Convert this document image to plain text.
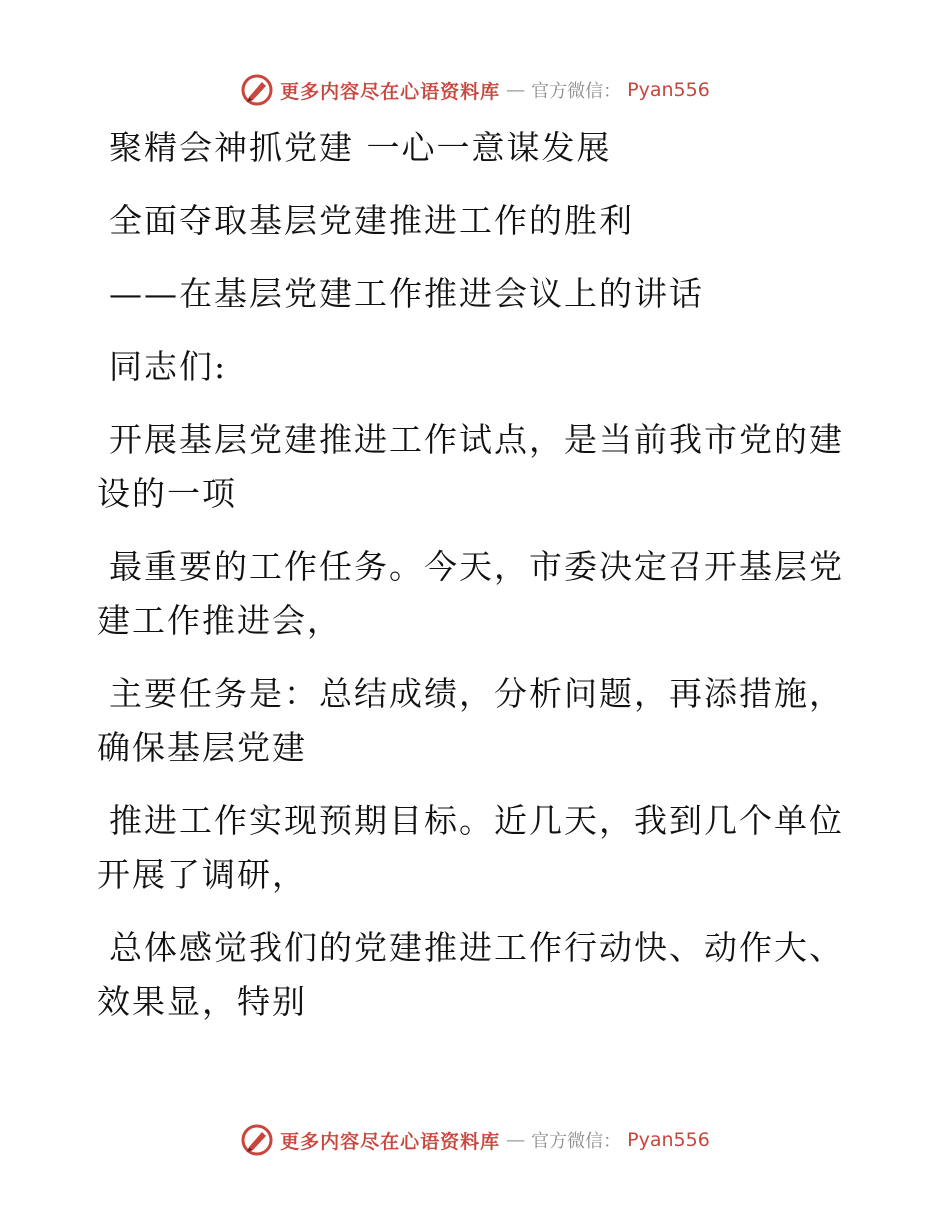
更多内容尽在心语资料库 — 官方微信： Pyan556

聚精会神抓党建 一心一意谋发展

全面夺取基层党建推进工作的胜利

——在基层党建工作推进会议上的讲话

同志们:

开展基层党建推进工作试点，是当前我市党的建

设的一项

最重要的工作任务。今天，市委决定召开基层党

建工作推进会，

主要任务是：总结成绩，分析问题，再添措施，

确保基层党建

推进工作实现预期目标。近几天，我到几个单位

开展了调研，

总体感觉我们的党建推进工作行动快、动作大、

效果显，特别

更多内容尽在心语资料库 — 官方微信： Pyan556
